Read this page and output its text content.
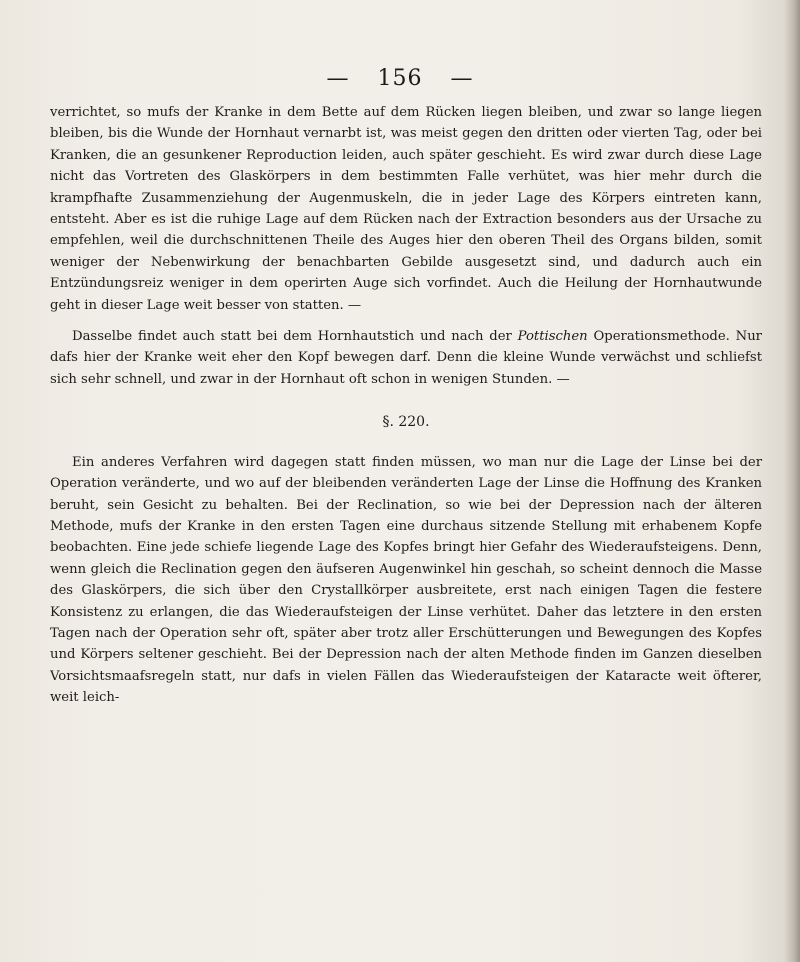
— 156 —

verrichtet, so mufs der Kranke in dem Bette auf dem Rücken liegen bleiben, und zwar so lange liegen bleiben, bis die Wunde der Hornhaut vernarbt ist, was meist gegen den dritten oder vierten Tag, oder bei Kranken, die an gesunkener Reproduction leiden, auch später geschieht. Es wird zwar durch diese Lage nicht das Vortreten des Glaskörpers in dem bestimmten Falle verhütet, was hier mehr durch die krampfhafte Zusammenziehung der Augenmuskeln, die in jeder Lage des Körpers eintreten kann, entsteht. Aber es ist die ruhige Lage auf dem Rücken nach der Extraction besonders aus der Ursache zu empfehlen, weil die durchschnittenen Theile des Auges hier den oberen Theil des Organs bilden, somit weniger der Nebenwirkung der benachbarten Gebilde ausgesetzt sind, und dadurch auch ein Entzündungsreiz weniger in dem operirten Auge sich vorfindet. Auch die Heilung der Hornhautwunde geht in dieser Lage weit besser von statten. —

Dasselbe findet auch statt bei dem Hornhautstich und nach der Pottischen Operationsmethode. Nur dafs hier der Kranke weit eher den Kopf bewegen darf. Denn die kleine Wunde verwächst und schliefst sich sehr schnell, und zwar in der Hornhaut oft schon in wenigen Stunden. —

§. 220.

Ein anderes Verfahren wird dagegen statt finden müssen, wo man nur die Lage der Linse bei der Operation veränderte, und wo auf der bleibenden veränderten Lage der Linse die Hoffnung des Kranken beruht, sein Gesicht zu behalten. Bei der Reclination, so wie bei der Depression nach der älteren Methode, mufs der Kranke in den ersten Tagen eine durchaus sitzende Stellung mit erhabenem Kopfe beobachten. Eine jede schiefe liegende Lage des Kopfes bringt hier Gefahr des Wiederaufsteigens. Denn, wenn gleich die Reclination gegen den äufseren Augenwinkel hin geschah, so scheint dennoch die Masse des Glaskörpers, die sich über den Crystallkörper ausbreitete, erst nach einigen Tagen die festere Konsistenz zu erlangen, die das Wiederaufsteigen der Linse verhütet. Daher das letztere in den ersten Tagen nach der Operation sehr oft, später aber trotz aller Erschütterungen und Bewegungen des Kopfes und Körpers seltener geschieht. Bei der Depression nach der alten Methode finden im Ganzen dieselben Vorsichtsmaafsregeln statt, nur dafs in vielen Fällen das Wiederaufsteigen der Kataracte weit öfterer, weit leich-
